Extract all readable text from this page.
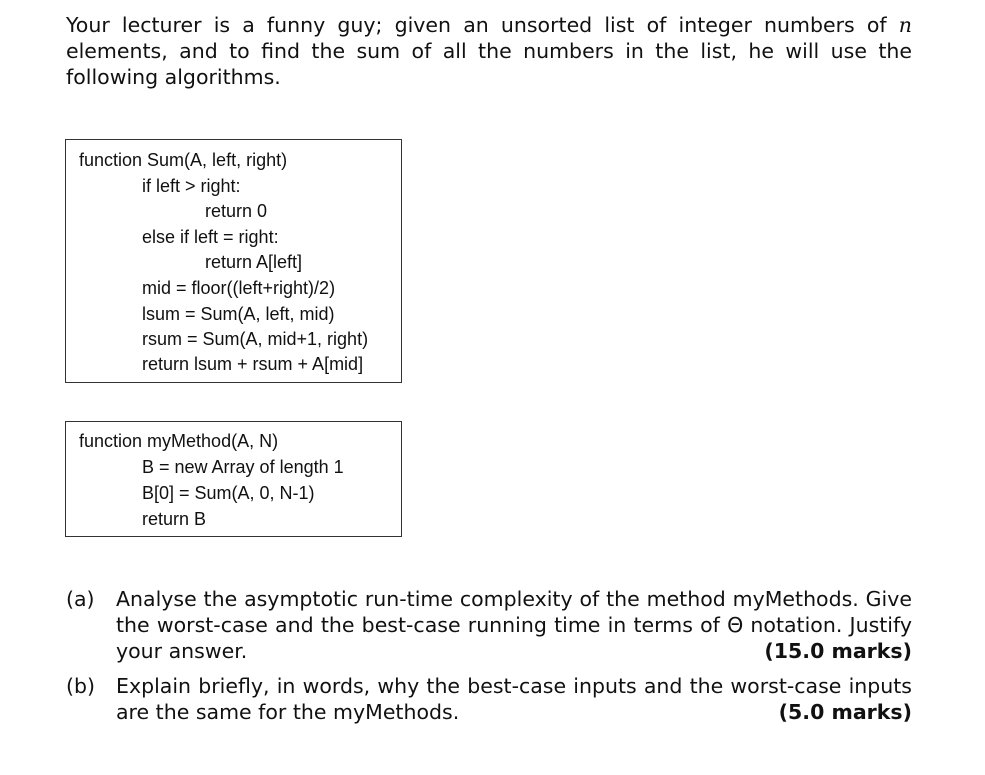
Your lecturer is a funny guy; given an unsorted list of integer numbers of n elements, and to find the sum of all the numbers in the list, he will use the following algorithms.

function Sum(A, left, right)
if left > right:
return 0
else if left = right:
return A[left]
mid = floor((left+right)/2)
lsum = Sum(A, left, mid)
rsum = Sum(A, mid+1, right)
return lsum + rsum + A[mid]
function myMethod(A, N)
B = new Array of length 1
B[0] = Sum(A, 0, N-1)
return B
(a) Analyse the asymptotic run-time complexity of the method myMethods. Give the worst-case and the best-case running time in terms of Θ notation. Justify your answer.	(15.0 marks)
(b) Explain briefly, in words, why the best-case inputs and the worst-case inputs are the same for the myMethods.	(5.0 marks)
